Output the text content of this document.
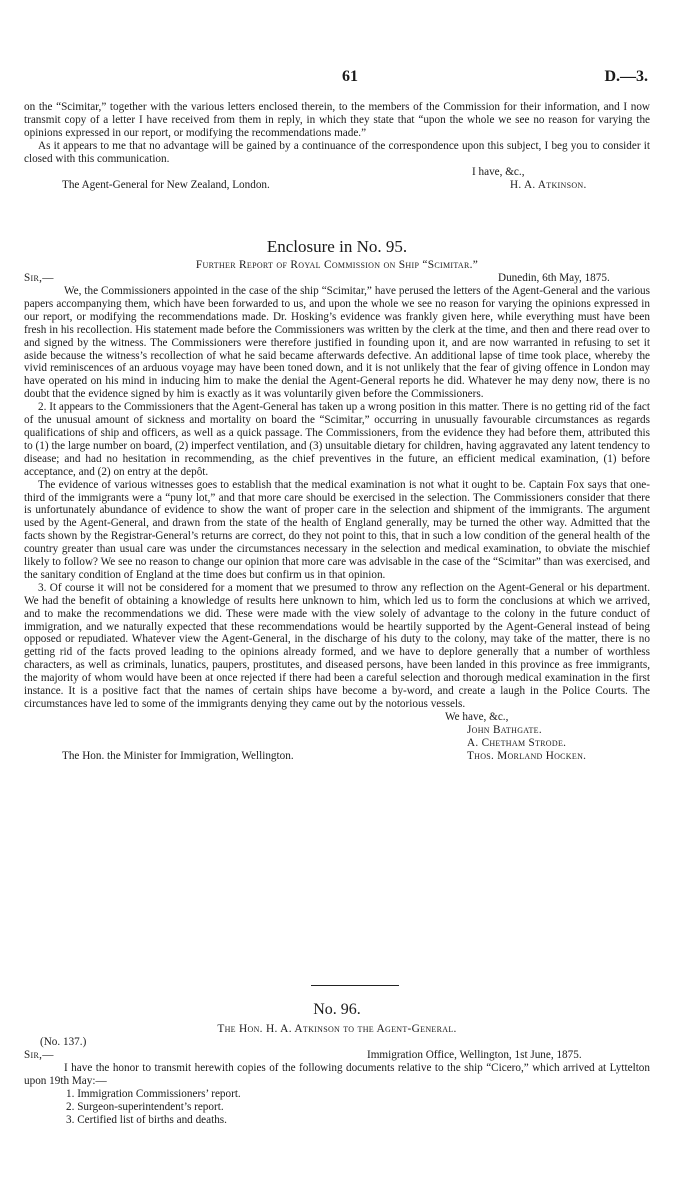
61	D.—3.

on the “Scimitar,” together with the various letters enclosed therein, to the members of the Commission for their information, and I now transmit copy of a letter I have received from them in reply, in which they state that “upon the whole we see no reason for varying the opinions expressed in our report, or modifying the recommendations made.”

As it appears to me that no advantage will be gained by a continuance of the correspondence upon this subject, I beg you to consider it closed with this communication.

I have, &c.,
The Agent-General for New Zealand, London.	H. A. Atkinson.

Enclosure in No. 95.

Further Report of Royal Commission on Ship “Scimitar.”

Sir,—	Dunedin, 6th May, 1875.

We, the Commissioners appointed in the case of the ship “Scimitar,” have perused the letters of the Agent-General and the various papers accompanying them, which have been forwarded to us, and upon the whole we see no reason for varying the opinions expressed in our report, or modifying the recommendations made. Dr. Hosking’s evidence was frankly given here, while everything must have been fresh in his recollection. His statement made before the Commissioners was written by the clerk at the time, and then and there read over to and signed by the witness. The Commissioners were therefore justified in founding upon it, and are now warranted in refusing to set it aside because the witness’s recollection of what he said became afterwards defective. An additional lapse of time took place, whereby the vivid reminiscences of an arduous voyage may have been toned down, and it is not unlikely that the fear of giving offence in London may have operated on his mind in inducing him to make the denial the Agent-General reports he did. Whatever he may deny now, there is no doubt that the evidence signed by him is exactly as it was voluntarily given before the Commissioners.

2. It appears to the Commissioners that the Agent-General has taken up a wrong position in this matter. There is no getting rid of the fact of the unusual amount of sickness and mortality on board the “Scimitar,” occurring in unusually favourable circumstances as regards qualifications of ship and officers, as well as a quick passage. The Commissioners, from the evidence they had before them, attributed this to (1) the large number on board, (2) imperfect ventilation, and (3) unsuitable dietary for children, having aggravated any latent tendency to disease; and had no hesitation in recommending, as the chief preventives in the future, an efficient medical examination, (1) before acceptance, and (2) on entry at the depôt.

The evidence of various witnesses goes to establish that the medical examination is not what it ought to be. Captain Fox says that one-third of the immigrants were a “puny lot,” and that more care should be exercised in the selection. The Commissioners consider that there is unfortunately abundance of evidence to show the want of proper care in the selection and shipment of the immigrants. The argument used by the Agent-General, and drawn from the state of the health of England generally, may be turned the other way. Admitted that the facts shown by the Registrar-General’s returns are correct, do they not point to this, that in such a low condition of the general health of the country greater than usual care was under the circumstances necessary in the selection and medical examination, to obviate the mischief likely to follow? We see no reason to change our opinion that more care was advisable in the case of the “Scimitar” than was exercised, and the sanitary condition of England at the time does but confirm us in that opinion.

3. Of course it will not be considered for a moment that we presumed to throw any reflection on the Agent-General or his department. We had the benefit of obtaining a knowledge of results here unknown to him, which led us to form the conclusions at which we arrived, and to make the recommendations we did. These were made with the view solely of advantage to the colony in the future conduct of immigration, and we naturally expected that these recommendations would be heartily supported by the Agent-General instead of being opposed or repudiated. Whatever view the Agent-General, in the discharge of his duty to the colony, may take of the matter, there is no getting rid of the facts proved leading to the opinions already formed, and we have to deplore generally that a number of worthless characters, as well as criminals, lunatics, paupers, prostitutes, and diseased persons, have been landed in this province as free immigrants, the majority of whom would have been at once rejected if there had been a careful selection and thorough medical examination in the first instance. It is a positive fact that the names of certain ships have become a by-word, and create a laugh in the Police Courts. The circumstances have led to some of the immigrants denying they came out by the notorious vessels.

We have, &c.,
John Bathgate.
A. Chetham Strode.
The Hon. the Minister for Immigration, Wellington.	Thos. Morland Hocken.

No. 96.

The Hon. H. A. Atkinson to the Agent-General.

(No. 137.)
Sir,—	Immigration Office, Wellington, 1st June, 1875.

I have the honor to transmit herewith copies of the following documents relative to the ship “Cicero,” which arrived at Lyttelton upon 19th May:—

1. Immigration Commissioners’ report.
2. Surgeon-superintendent’s report.
3. Certified list of births and deaths.
